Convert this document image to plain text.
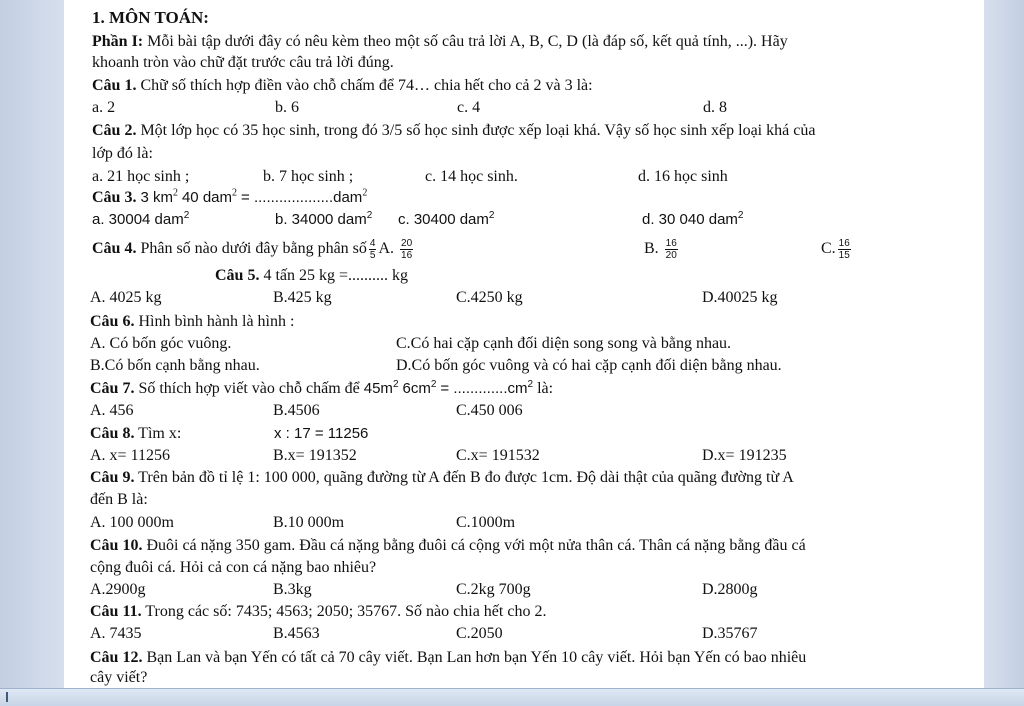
1. MÔN TOÁN:
Phần I: Mỗi bài tập dưới đây có nêu kèm theo một số câu trả lời A, B, C, D (là đáp số, kết quả tính, ...). Hãy
khoanh tròn vào chữ đặt trước câu trả lời đúng.
Câu 1. Chữ số thích hợp điền vào chỗ chấm để 74… chia hết cho cả 2 và 3 là:
a. 2	b. 6	c. 4	d. 8
Câu 2. Một lớp học có 35 học sinh, trong đó 3/5 số học sinh được xếp loại khá. Vậy số học sinh xếp loại khá của
lớp đó là:
a. 21 học sinh ;	b. 7 học sinh ;	c. 14 học sinh.	d. 16 học sinh
Câu 3. 3 $km^2$ 40 dam$^2$ = ...................dam$^2$
a. 30004 dam$^2$	b. 34000 dam$^2$ c. 30400 dam$^2$	d. 30 040 dam$^2$
Câu 4. Phân số nào dưới đây bằng phân số $\frac{4}{5} A$. $\frac{20}{16}$	B. $\frac{16}{20}$	C. $\frac{16}{15}$
Câu 5. 4 tấn 25 kg =.......... kg
A. 4025 kg	B.425 kg	C.4250 kg	D.40025 kg
Câu 6. Hình bình hành là hình :
A. Có bốn góc vuông.	C.Có hai cặp cạnh đối diện song song và bằng nhau.
B.Có bốn cạnh bằng nhau.	D.Có bốn góc vuông và có hai cặp cạnh đối diện bằng nhau.
Câu 7. Số thích hợp viết vào chỗ chấm để $45m^2$ $6cm^2 = .............cm^2$ là:
A. 456	B.4506	C.450 006
Câu 8. Tìm x:	x : 17 = 11256
A. x= 11256	B.x= 191352	C.x= 191532	D.x= 191235
Câu 9. Trên bản đồ tỉ lệ 1: 100 000, quãng đường từ A đến B đo được 1cm. Độ dài thật của quãng đường từ A
đến B là:
A. 100 000m	B.10 000m	C.1000m
Câu 10. Đuôi cá nặng 350 gam. Đầu cá nặng bằng đuôi cá cộng với một nửa thân cá. Thân cá nặng bằng đầu cá
cộng đuôi cá. Hỏi cả con cá nặng bao nhiêu?
A.2900g	B.3kg	C.2kg 700g	D.2800g
Câu 11. Trong các số: 7435; 4563; 2050; 35767. Số nào chia hết cho 2.
A. 7435	B.4563	C.2050	D.35767
Câu 12. Bạn Lan và bạn Yến có tất cả 70 cây viết. Bạn Lan hơn bạn Yến 10 cây viết. Hỏi bạn Yến có bao nhiêu
cây viết?
